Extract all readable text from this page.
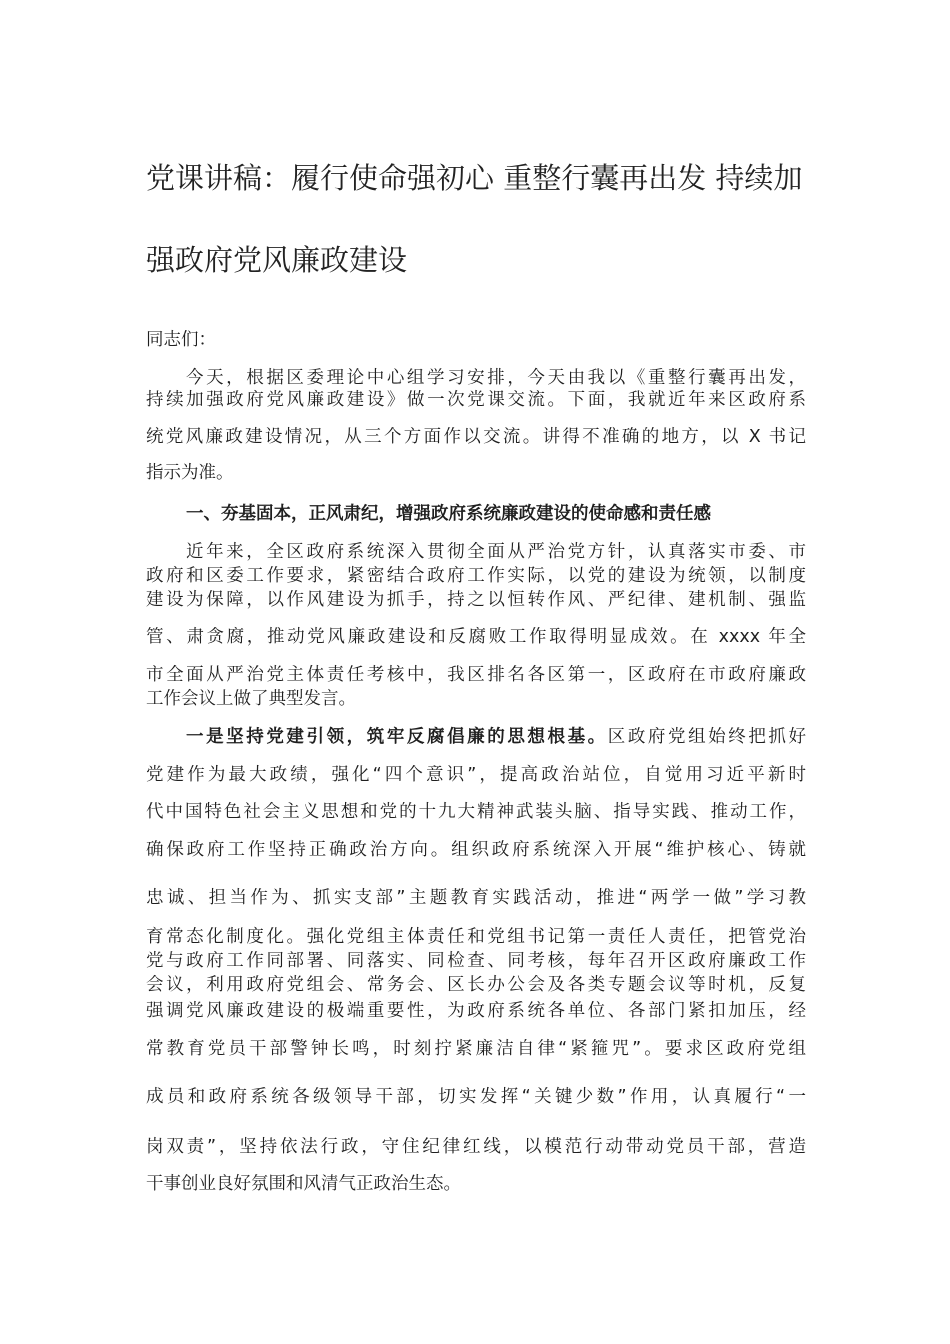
党课讲稿：履行使命强初心 重整行囊再出发 持续加
强政府党风廉政建设
同志们：
今天，根据区委理论中心组学习安排，今天由我以《重整行囊再出发，
持续加强政府党风廉政建设》做一次党课交流。下面，我就近年来区政府系
统党风廉政建设情况，从三个方面作以交流。讲得不准确的地方，以 X 书记
指示为准。
一、夯基固本，正风肃纪，增强政府系统廉政建设的使命感和责任感
近年来，全区政府系统深入贯彻全面从严治党方针，认真落实市委、市
政府和区委工作要求，紧密结合政府工作实际，以党的建设为统领，以制度
建设为保障，以作风建设为抓手，持之以恒转作风、严纪律、建机制、强监
管、肃贪腐，推动党风廉政建设和反腐败工作取得明显成效。在 xxxx 年全
市全面从严治党主体责任考核中，我区排名各区第一，区政府在市政府廉政
工作会议上做了典型发言。
一是坚持党建引领，筑牢反腐倡廉的思想根基。区政府党组始终把抓好
党建作为最大政绩，强化“四个意识”，提高政治站位，自觉用习近平新时
代中国特色社会主义思想和党的十九大精神武装头脑、指导实践、推动工作，
确保政府工作坚持正确政治方向。组织政府系统深入开展“维护核心、铸就
忠诚、担当作为、抓实支部”主题教育实践活动，推进“两学一做”学习教
育常态化制度化。强化党组主体责任和党组书记第一责任人责任，把管党治
党与政府工作同部署、同落实、同检查、同考核，每年召开区政府廉政工作
会议，利用政府党组会、常务会、区长办公会及各类专题会议等时机，反复
强调党风廉政建设的极端重要性，为政府系统各单位、各部门紧扣加压，经
常教育党员干部警钟长鸣，时刻拧紧廉洁自律“紧箍咒”。要求区政府党组
成员和政府系统各级领导干部，切实发挥“关键少数”作用，认真履行“一
岗双责”，坚持依法行政，守住纪律红线，以模范行动带动党员干部，营造
干事创业良好氛围和风清气正政治生态。
